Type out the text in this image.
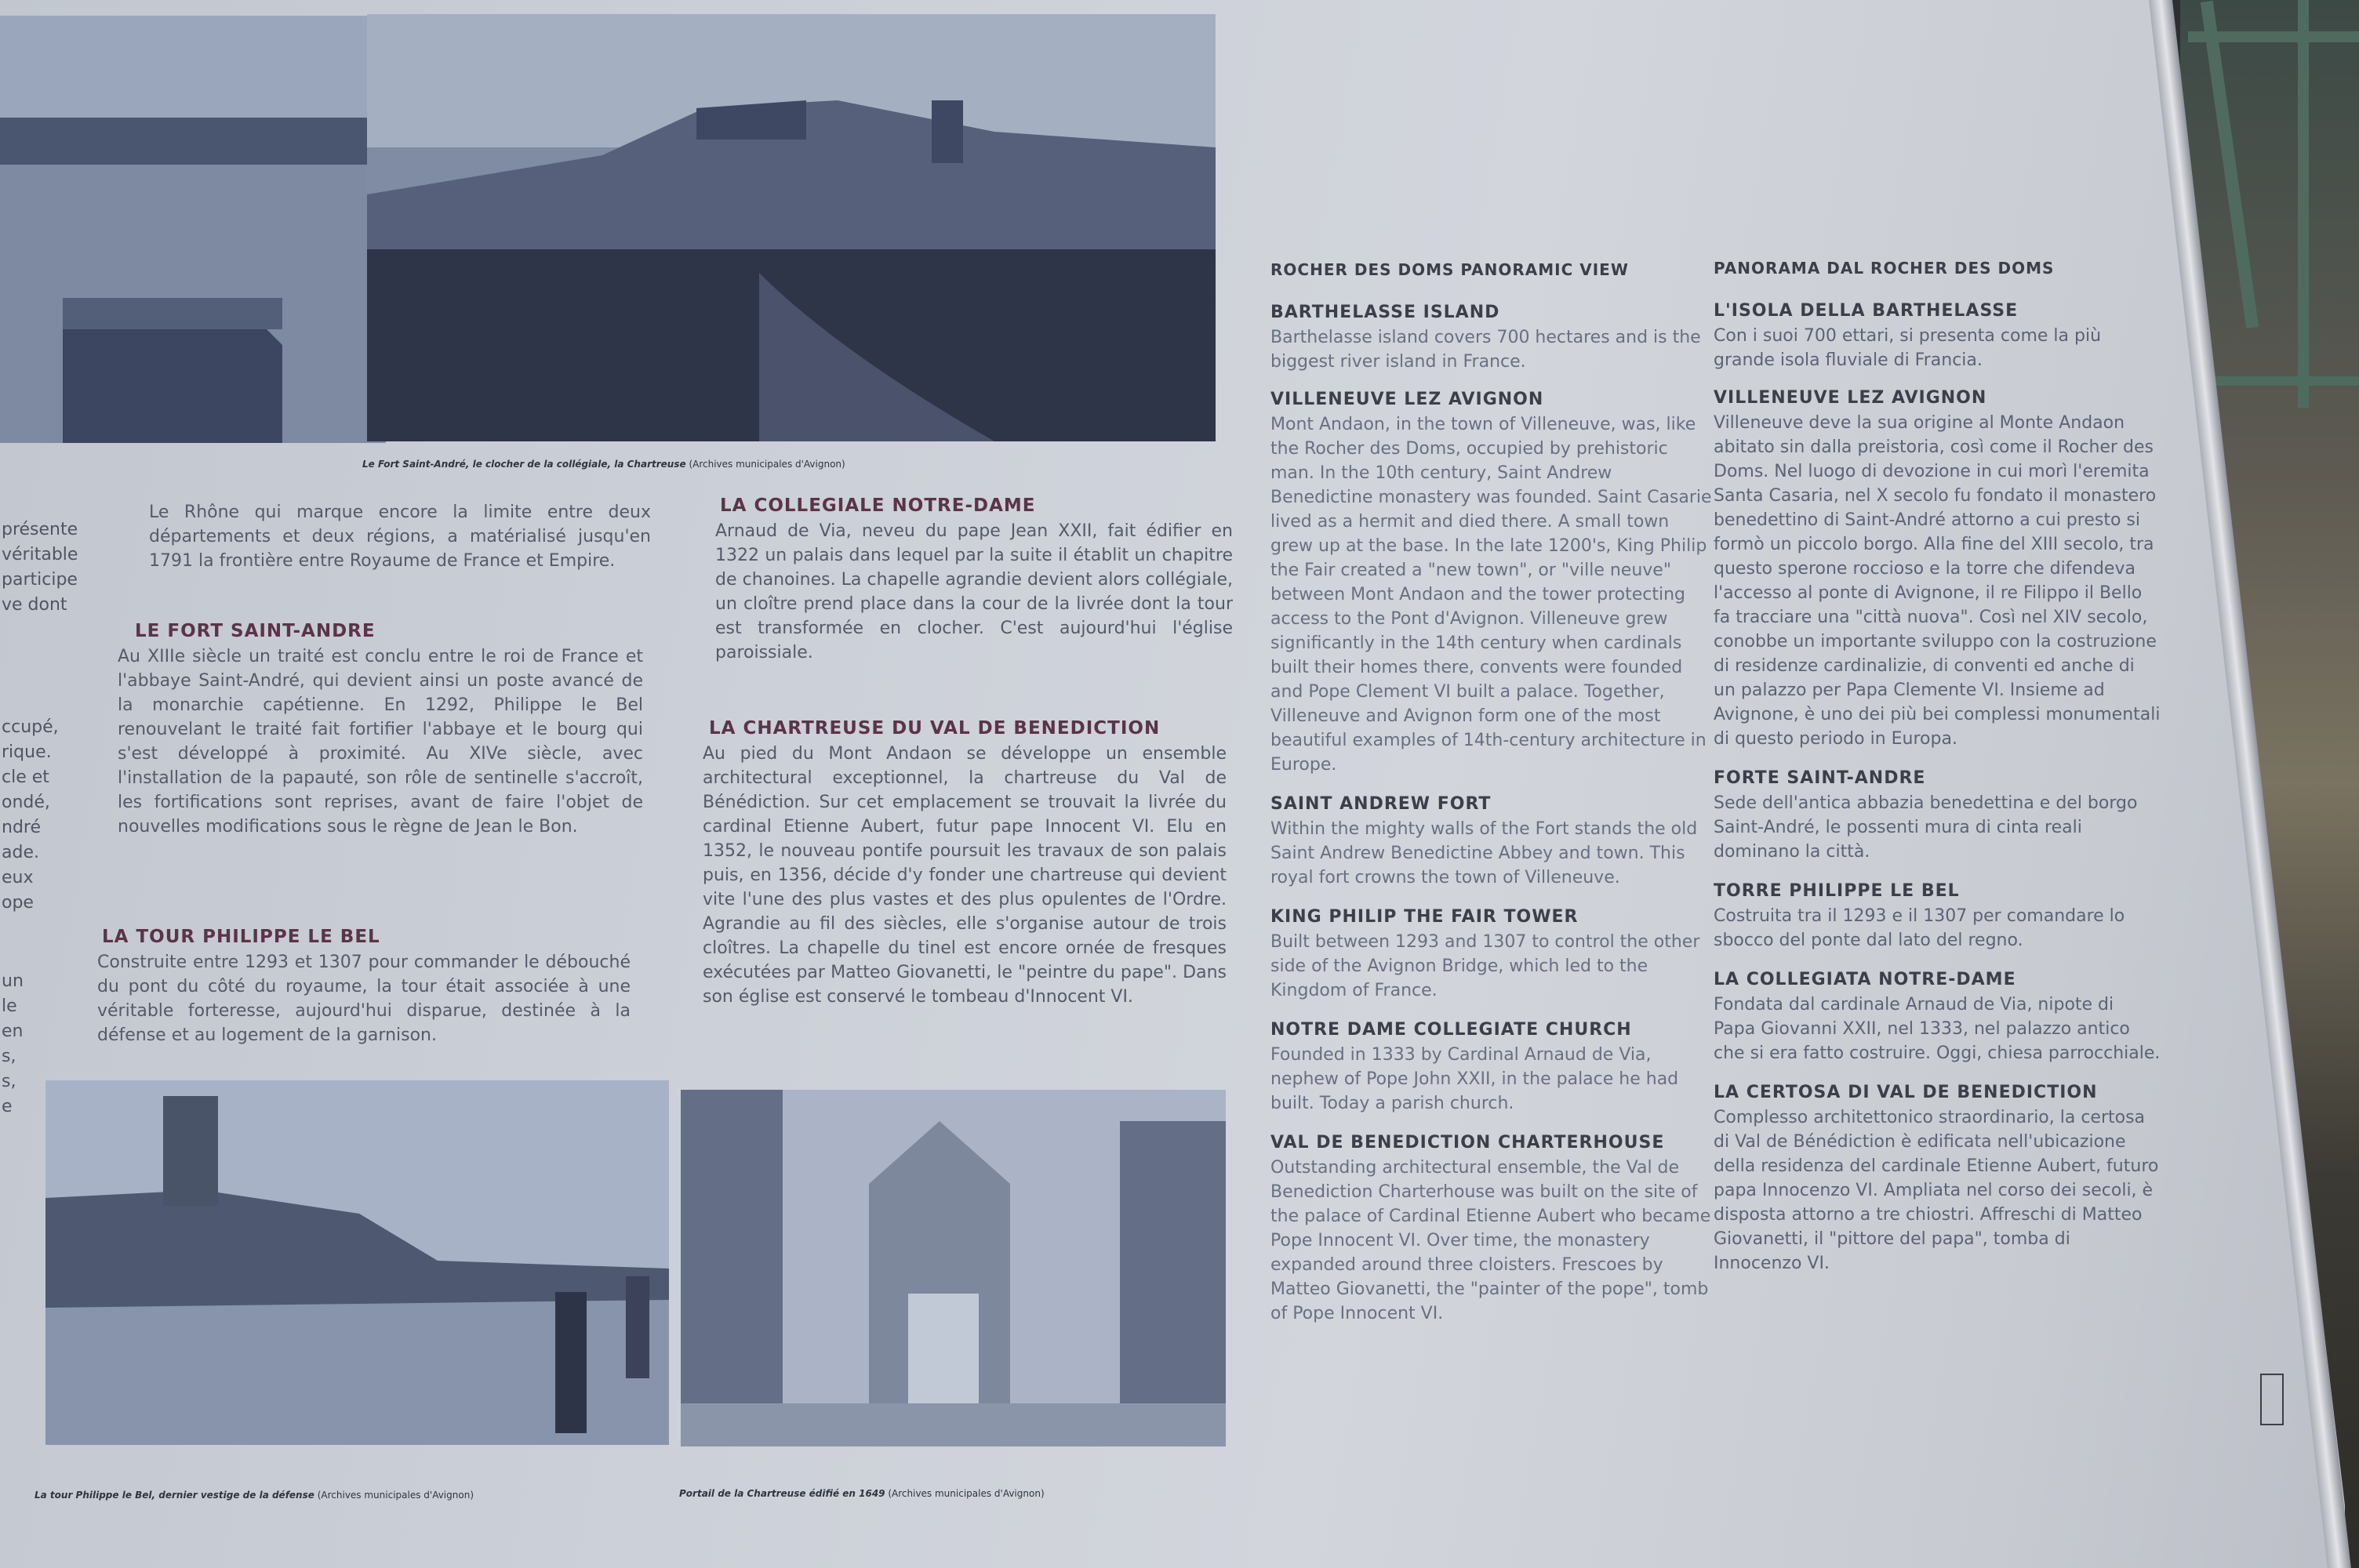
Le Fort Saint-André, le clocher de la collégiale, la Chartreuse (Archives municipales d'Avignon)
La tour Philippe le Bel, dernier vestige de la défense (Archives municipales d'Avignon)	Portail de la Chartreuse édifié en 1649 (Archives municipales d'Avignon)
présente
véritable
participe
ve dont
ccupé,
rique.
cle et
ondé,
ndré
ade.
eux
ope
un
le
en
s,
s,
e

Le Rhône qui marque encore la limite entre deux départements et deux régions, a matérialisé jusqu'en 1791 la frontière entre Royaume de France et Empire.

LE FORT SAINT-ANDRE

Au XIIIe siècle un traité est conclu entre le roi de France et l'abbaye Saint-André, qui devient ainsi un poste avancé de la monarchie capétienne. En 1292, Philippe le Bel renouvelant le traité fait fortifier l'abbaye et le bourg qui s'est développé à proximité. Au XIVe siècle, avec l'installation de la papauté, son rôle de sentinelle s'accroît, les fortifications sont reprises, avant de faire l'objet de nouvelles modifications sous le règne de Jean le Bon.

LA TOUR PHILIPPE LE BEL

Construite entre 1293 et 1307 pour commander le débouché du pont du côté du royaume, la tour était associée à une véritable forteresse, aujourd'hui disparue, destinée à la défense et au logement de la garnison.

LA COLLEGIALE NOTRE-DAME

Arnaud de Via, neveu du pape Jean XXII, fait édifier en 1322 un palais dans lequel par la suite il établit un chapitre de chanoines. La chapelle agrandie devient alors collégiale, un cloître prend place dans la cour de la livrée dont la tour est transformée en clocher. C'est aujourd'hui l'église paroissiale.

LA CHARTREUSE DU VAL DE BENEDICTION

Au pied du Mont Andaon se développe un ensemble architectural exceptionnel, la chartreuse du Val de Bénédiction. Sur cet emplacement se trouvait la livrée du cardinal Etienne Aubert, futur pape Innocent VI. Elu en 1352, le nouveau pontife poursuit les travaux de son palais puis, en 1356, décide d'y fonder une chartreuse qui devient vite l'une des plus vastes et des plus opulentes de l'Ordre. Agrandie au fil des siècles, elle s'organise autour de trois cloîtres. La chapelle du tinel est encore ornée de fresques exécutées par Matteo Giovanetti, le "peintre du pape". Dans son église est conservé le tombeau d'Innocent VI.

ROCHER DES DOMS PANORAMIC VIEW
BARTHELASSE ISLAND

Barthelasse island covers 700 hectares and is the biggest river island in France.

VILLENEUVE LEZ AVIGNON

Mont Andaon, in the town of Villeneuve, was, like the Rocher des Doms, occupied by prehistoric man. In the 10th century, Saint Andrew Benedictine monastery was founded. Saint Casarie lived as a hermit and died there. A small town grew up at the base. In the late 1200's, King Philip the Fair created a "new town", or "ville neuve" between Mont Andaon and the tower protecting access to the Pont d'Avignon. Villeneuve grew significantly in the 14th century when cardinals built their homes there, convents were founded and Pope Clement VI built a palace. Together, Villeneuve and Avignon form one of the most beautiful examples of 14th-century architecture in Europe.

SAINT ANDREW FORT

Within the mighty walls of the Fort stands the old Saint Andrew Benedictine Abbey and town. This royal fort crowns the town of Villeneuve.

KING PHILIP THE FAIR TOWER

Built between 1293 and 1307 to control the other side of the Avignon Bridge, which led to the Kingdom of France.

NOTRE DAME COLLEGIATE CHURCH

Founded in 1333 by Cardinal Arnaud de Via, nephew of Pope John XXII, in the palace he had built. Today a parish church.

VAL DE BENEDICTION CHARTERHOUSE

Outstanding architectural ensemble, the Val de Benediction Charterhouse was built on the site of the palace of Cardinal Etienne Aubert who became Pope Innocent VI. Over time, the monastery expanded around three cloisters. Frescoes by Matteo Giovanetti, the "painter of the pope", tomb of Pope Innocent VI.

PANORAMA DAL ROCHER DES DOMS
L'ISOLA DELLA BARTHELASSE

Con i suoi 700 ettari, si presenta come la più grande isola fluviale di Francia.

VILLENEUVE LEZ AVIGNON

Villeneuve deve la sua origine al Monte Andaon abitato sin dalla preistoria, così come il Rocher des Doms. Nel luogo di devozione in cui morì l'eremita Santa Casaria, nel X secolo fu fondato il monastero benedettino di Saint-André attorno a cui presto si formò un piccolo borgo. Alla fine del XIII secolo, tra questo sperone roccioso e la torre che difendeva l'accesso al ponte di Avignone, il re Filippo il Bello fa tracciare una "città nuova". Così nel XIV secolo, conobbe un importante sviluppo con la costruzione di residenze cardinalizie, di conventi ed anche di un palazzo per Papa Clemente VI. Insieme ad Avignone, è uno dei più bei complessi monumentali di questo periodo in Europa.

FORTE SAINT-ANDRE

Sede dell'antica abbazia benedettina e del borgo Saint-André, le possenti mura di cinta reali dominano la città.

TORRE PHILIPPE LE BEL

Costruita tra il 1293 e il 1307 per comandare lo sbocco del ponte dal lato del regno.

LA COLLEGIATA NOTRE-DAME

Fondata dal cardinale Arnaud de Via, nipote di Papa Giovanni XXII, nel 1333, nel palazzo antico che si era fatto costruire. Oggi, chiesa parrocchiale.

LA CERTOSA DI VAL DE BENEDICTION

Complesso architettonico straordinario, la certosa di Val de Bénédiction è edificata nell'ubicazione della residenza del cardinale Etienne Aubert, futuro papa Innocenzo VI. Ampliata nel corso dei secoli, è disposta attorno a tre chiostri. Affreschi di Matteo Giovanetti, il "pittore del papa", tomba di Innocenzo VI.
